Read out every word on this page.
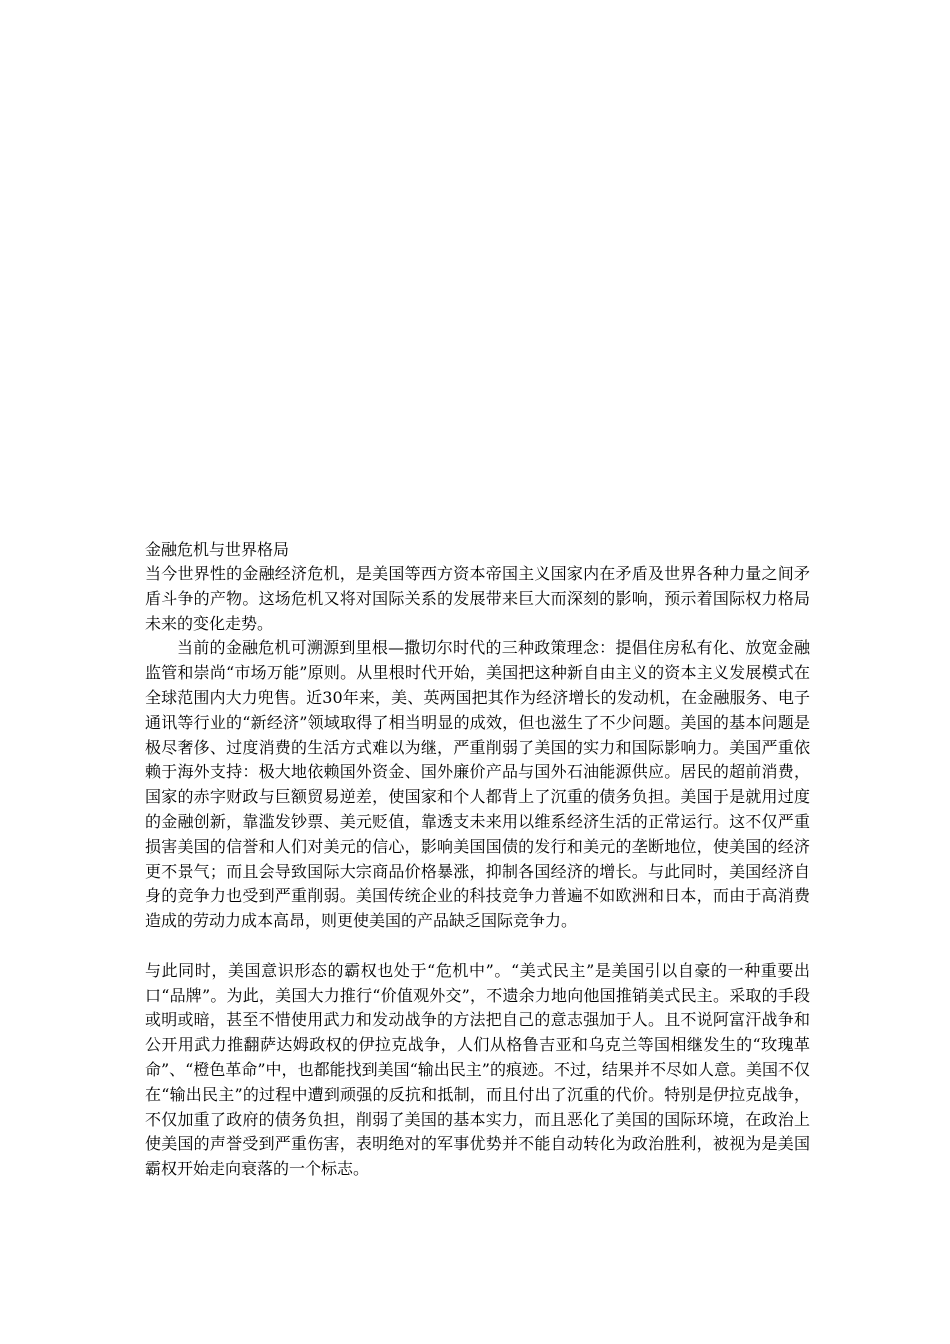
金融危机与世界格局

当今世界性的金融经济危机，是美国等西方资本帝国主义国家内在矛盾及世界各种力量之间矛盾斗争的产物。这场危机又将对国际关系的发展带来巨大而深刻的影响，预示着国际权力格局未来的变化走势。

当前的金融危机可溯源到里根—撒切尔时代的三种政策理念：提倡住房私有化、放宽金融监管和崇尚“市场万能”原则。从里根时代开始，美国把这种新自由主义的资本主义发展模式在全球范围内大力兜售。近30年来，美、英两国把其作为经济增长的发动机，在金融服务、电子通讯等行业的“新经济”领域取得了相当明显的成效，但也滋生了不少问题。美国的基本问题是极尽奢侈、过度消费的生活方式难以为继，严重削弱了美国的实力和国际影响力。美国严重依赖于海外支持：极大地依赖国外资金、国外廉价产品与国外石油能源供应。居民的超前消费，国家的赤字财政与巨额贸易逆差，使国家和个人都背上了沉重的债务负担。美国于是就用过度的金融创新，靠滥发钞票、美元贬值，靠透支未来用以维系经济生活的正常运行。这不仅严重损害美国的信誉和人们对美元的信心，影响美国国债的发行和美元的垄断地位，使美国的经济更不景气；而且会导致国际大宗商品价格暴涨，抑制各国经济的增长。与此同时，美国经济自身的竞争力也受到严重削弱。美国传统企业的科技竞争力普遍不如欧洲和日本，而由于高消费造成的劳动力成本高昂，则更使美国的产品缺乏国际竞争力。

与此同时，美国意识形态的霸权也处于“危机中”。“美式民主”是美国引以自豪的一种重要出口“品牌”。为此，美国大力推行“价值观外交”，不遗余力地向他国推销美式民主。采取的手段或明或暗，甚至不惜使用武力和发动战争的方法把自己的意志强加于人。且不说阿富汗战争和公开用武力推翻萨达姆政权的伊拉克战争，人们从格鲁吉亚和乌克兰等国相继发生的“玫瑰革命”、“橙色革命”中，也都能找到美国“输出民主”的痕迹。不过，结果并不尽如人意。美国不仅在“输出民主”的过程中遭到顽强的反抗和抵制，而且付出了沉重的代价。特别是伊拉克战争，不仅加重了政府的债务负担，削弱了美国的基本实力，而且恶化了美国的国际环境，在政治上使美国的声誉受到严重伤害，表明绝对的军事优势并不能自动转化为政治胜利，被视为是美国霸权开始走向衰落的一个标志。
